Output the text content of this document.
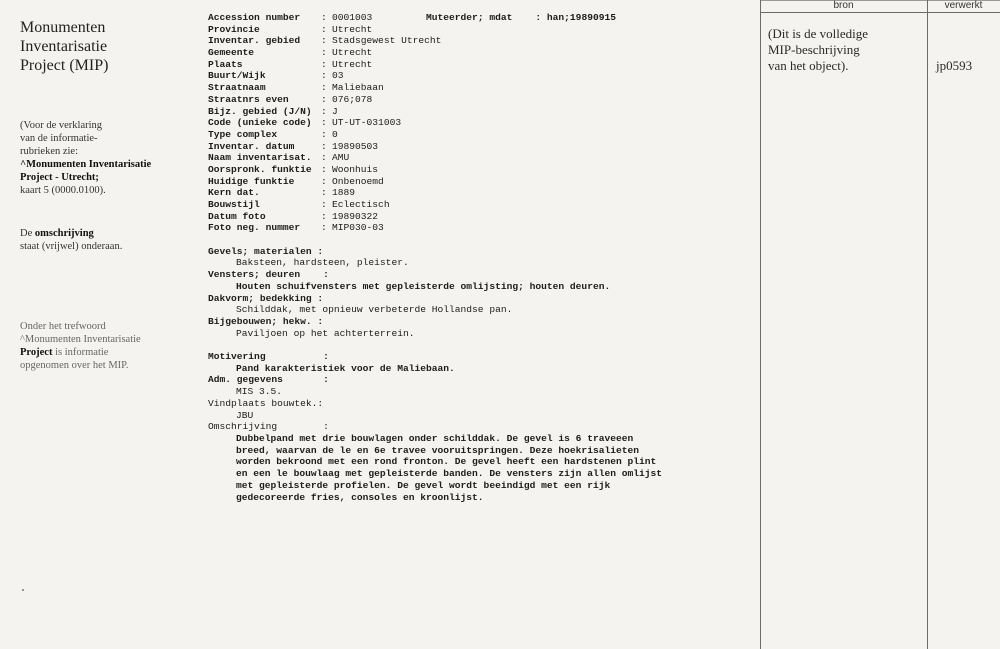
Monumenten
Inventarisatie
Project (MIP)
(Voor de verklaring
van de informatie-
rubrieken zie:
^Monumenten Inventarisatie
Project - Utrecht;
kaart 5 (0000.0100).
De omschrijving
staat (vrijwel) onderaan.
Onder het trefwoord
^Monumenten Inventarisatie
Project is informatie
opgenomen over het MIP.
Muteerder; mdat    : han;19890915
Accession number : 0001003
Provincie	: Utrecht
Inventar. gebied : Stadsgewest Utrecht
Gemeente	: Utrecht
Plaats	: Utrecht
Buurt/Wijk	: 03
Straatnaam	: Maliebaan
Straatnrs even	: 076;078
Bijz. gebied (J/N) : J
Code (unieke code) : UT-UT-031003
Type complex	: 0
Inventar. datum	: 19890503
Naam inventarisat. : AMU
Oorspronk. funktie : Woonhuis
Huidige funktie	: Onbenoemd
Kern dat.	: 1889
Bouwstijl	: Eclectisch
Datum foto	: 19890322
Foto neg. nummer : MIP030-03
Gevels; materialen :
Baksteen, hardsteen, pleister.
Vensters; deuren    :
Houten schuifvensters met gepleisterde omlijsting; houten deuren.
Dakvorm; bedekking :
Schilddak, met opnieuw verbeterde Hollandse pan.
Bijgebouwen; hekw. :
Paviljoen op het achterterrein.
Motivering          :
Pand karakteristiek voor de Maliebaan.
Adm. gegevens       :
MIS 3.5.
Vindplaats bouwtek.:
JBU
Omschrijving        :
Dubbelpand met drie bouwlagen onder schilddak. De gevel is 6 traveeen
breed, waarvan de le en 6e travee vooruitspringen. Deze hoekrisalieten
worden bekroond met een rond fronton. De gevel heeft een hardstenen plint
en een le bouwlaag met gepleisterde banden. De vensters zijn allen omlijst
met gepleisterde profielen. De gevel wordt beeindigd met een rijk
gedecoreerde fries, consoles en kroonlijst.
bron	verwerkt
(Dit is de volledige
MIP-beschrijving
van het object).	jp0593
